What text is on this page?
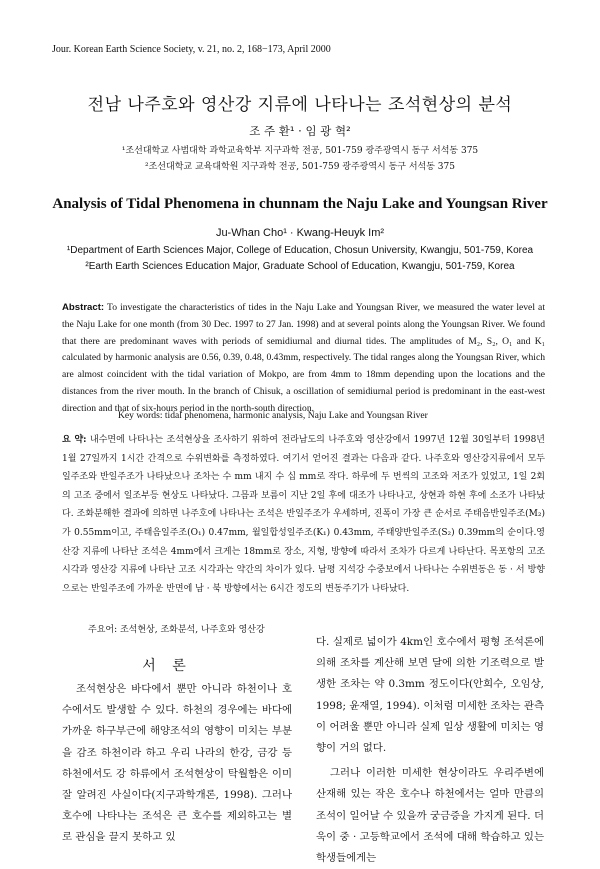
Jour. Korean Earth Science Society, v. 21, no. 2, 168−173, April 2000
전남 나주호와 영산강 지류에 나타나는 조석현상의 분석
조 주 환¹ · 임 광 혁²
¹조선대학교 사범대학 과학교육학부 지구과학 전공, 501-759 광주광역시 동구 서석동 375
²조선대학교 교육대학원 지구과학 전공, 501-759 광주광역시 동구 서석동 375
Analysis of Tidal Phenomena in chunnam the Naju Lake and Youngsan River
Ju-Whan Cho¹ · Kwang-Heuyk Im²
¹Department of Earth Sciences Major, College of Education, Chosun University, Kwangju, 501-759, Korea
²Earth Earth Sciences Education Major, Graduate School of Education, Kwangju, 501-759, Korea
Abstract: To investigate the characteristics of tides in the Naju Lake and Youngsan River, we measured the water level at the Naju Lake for one month (from 30 Dec. 1997 to 27 Jan. 1998) and at several points along the Youngsan River. We found that there are predominant waves with periods of semidiurnal and diurnal tides. The amplitudes of M₂, S₂, O₁ and K₁ calculated by harmonic analysis are 0.56, 0.39, 0.48, 0.43mm, respectively. The tidal ranges along the Youngsan River, which are almost coincident with the tidal variation of Mokpo, are from 4mm to 18mm depending upon the locations and the distances from the river mouth. In the branch of Chisuk, a oscillation of semidiurnal period is predominant in the east-west direction and that of six-hours period in the north-south direction.
Key words: tidal phenomena, harmonic analysis, Naju Lake and Youngsan River
요 약: 내수면에 나타나는 조석현상을 조사하기 위하여 전라남도의 나주호와 영산강에서 1997년 12월 30일부터 1998년 1월 27일까지 1시간 간격으로 수위변화를 측정하였다. 여기서 얻어진 결과는 다음과 같다. 나주호와 영산강지류에서 모두 일주조와 반일주조가 나타났으나 조차는 수 mm 내지 수 십 mm로 작다. 하루에 두 번씩의 고조와 저조가 있었고, 1일 2회의 고조 중에서 일조부등 현상도 나타났다. 그믐과 보름이 지난 2일 후에 대조가 나타나고, 상현과 하현 후에 소조가 나타났다. 조화분해한 결과에 의하면 나주호에 나타나는 조석은 반일주조가 우세하며, 진폭이 가장 큰 순서로 주태음반일주조(M₂)가 0.55mm이고, 주태음일주조(O₁) 0.47mm, 월일합성일주조(K₁) 0.43mm, 주태양반일주조(S₂) 0.39mm의 순이다.영산강 지류에 나타난 조석은 4mm에서 크게는 18mm로 장소, 지형, 방향에 따라서 조차가 다르게 나타난다. 목포항의 고조 시각과 영산강 지류에 나타난 고조 시각과는 약간의 차이가 있다. 남평 지석강 수중보에서 나타나는 수위변동은 동 · 서 방향으로는 반일주조에 가까운 반면에 남 · 북 방향에서는 6시간 정도의 변동주기가 나타났다.
주요어: 조석현상, 조화분석, 나주호와 영산강
서 론

조석현상은 바다에서 뿐만 아니라 하천이나 호수에서도 발생할 수 있다. 하천의 경우에는 바다에 가까운 하구부근에 해양조석의 영향이 미치는 부분을 감조 하천이라 하고 우리 나라의 한강, 금강 등 하천에서도 강 하류에서 조석현상이 탁월함은 이미 잘 알려진 사실이다(지구과학개론, 1998). 그러나 호수에 나타나는 조석은 큰 호수를 제외하고는 별로 관심을 끌지 못하고 있

다. 실제로 넓이가 4km인 호수에서 평형 조석론에 의해 조차를 계산해 보면 달에 의한 기조력으로 발생한 조차는 약 0.3mm 정도이다(안희수, 오임상, 1998; 윤재열, 1994). 이처럼 미세한 조차는 관측이 어려울 뿐만 아니라 실제 일상 생활에 미치는 영향이 거의 없다.

그러나 이러한 미세한 현상이라도 우리주변에 산재해 있는 작은 호수나 하천에서는 얼마 만큼의 조석이 일어날 수 있을까 궁금증을 가지게 된다. 더욱이 중 · 고등학교에서 조석에 대해 학습하고 있는 학생들에게는
